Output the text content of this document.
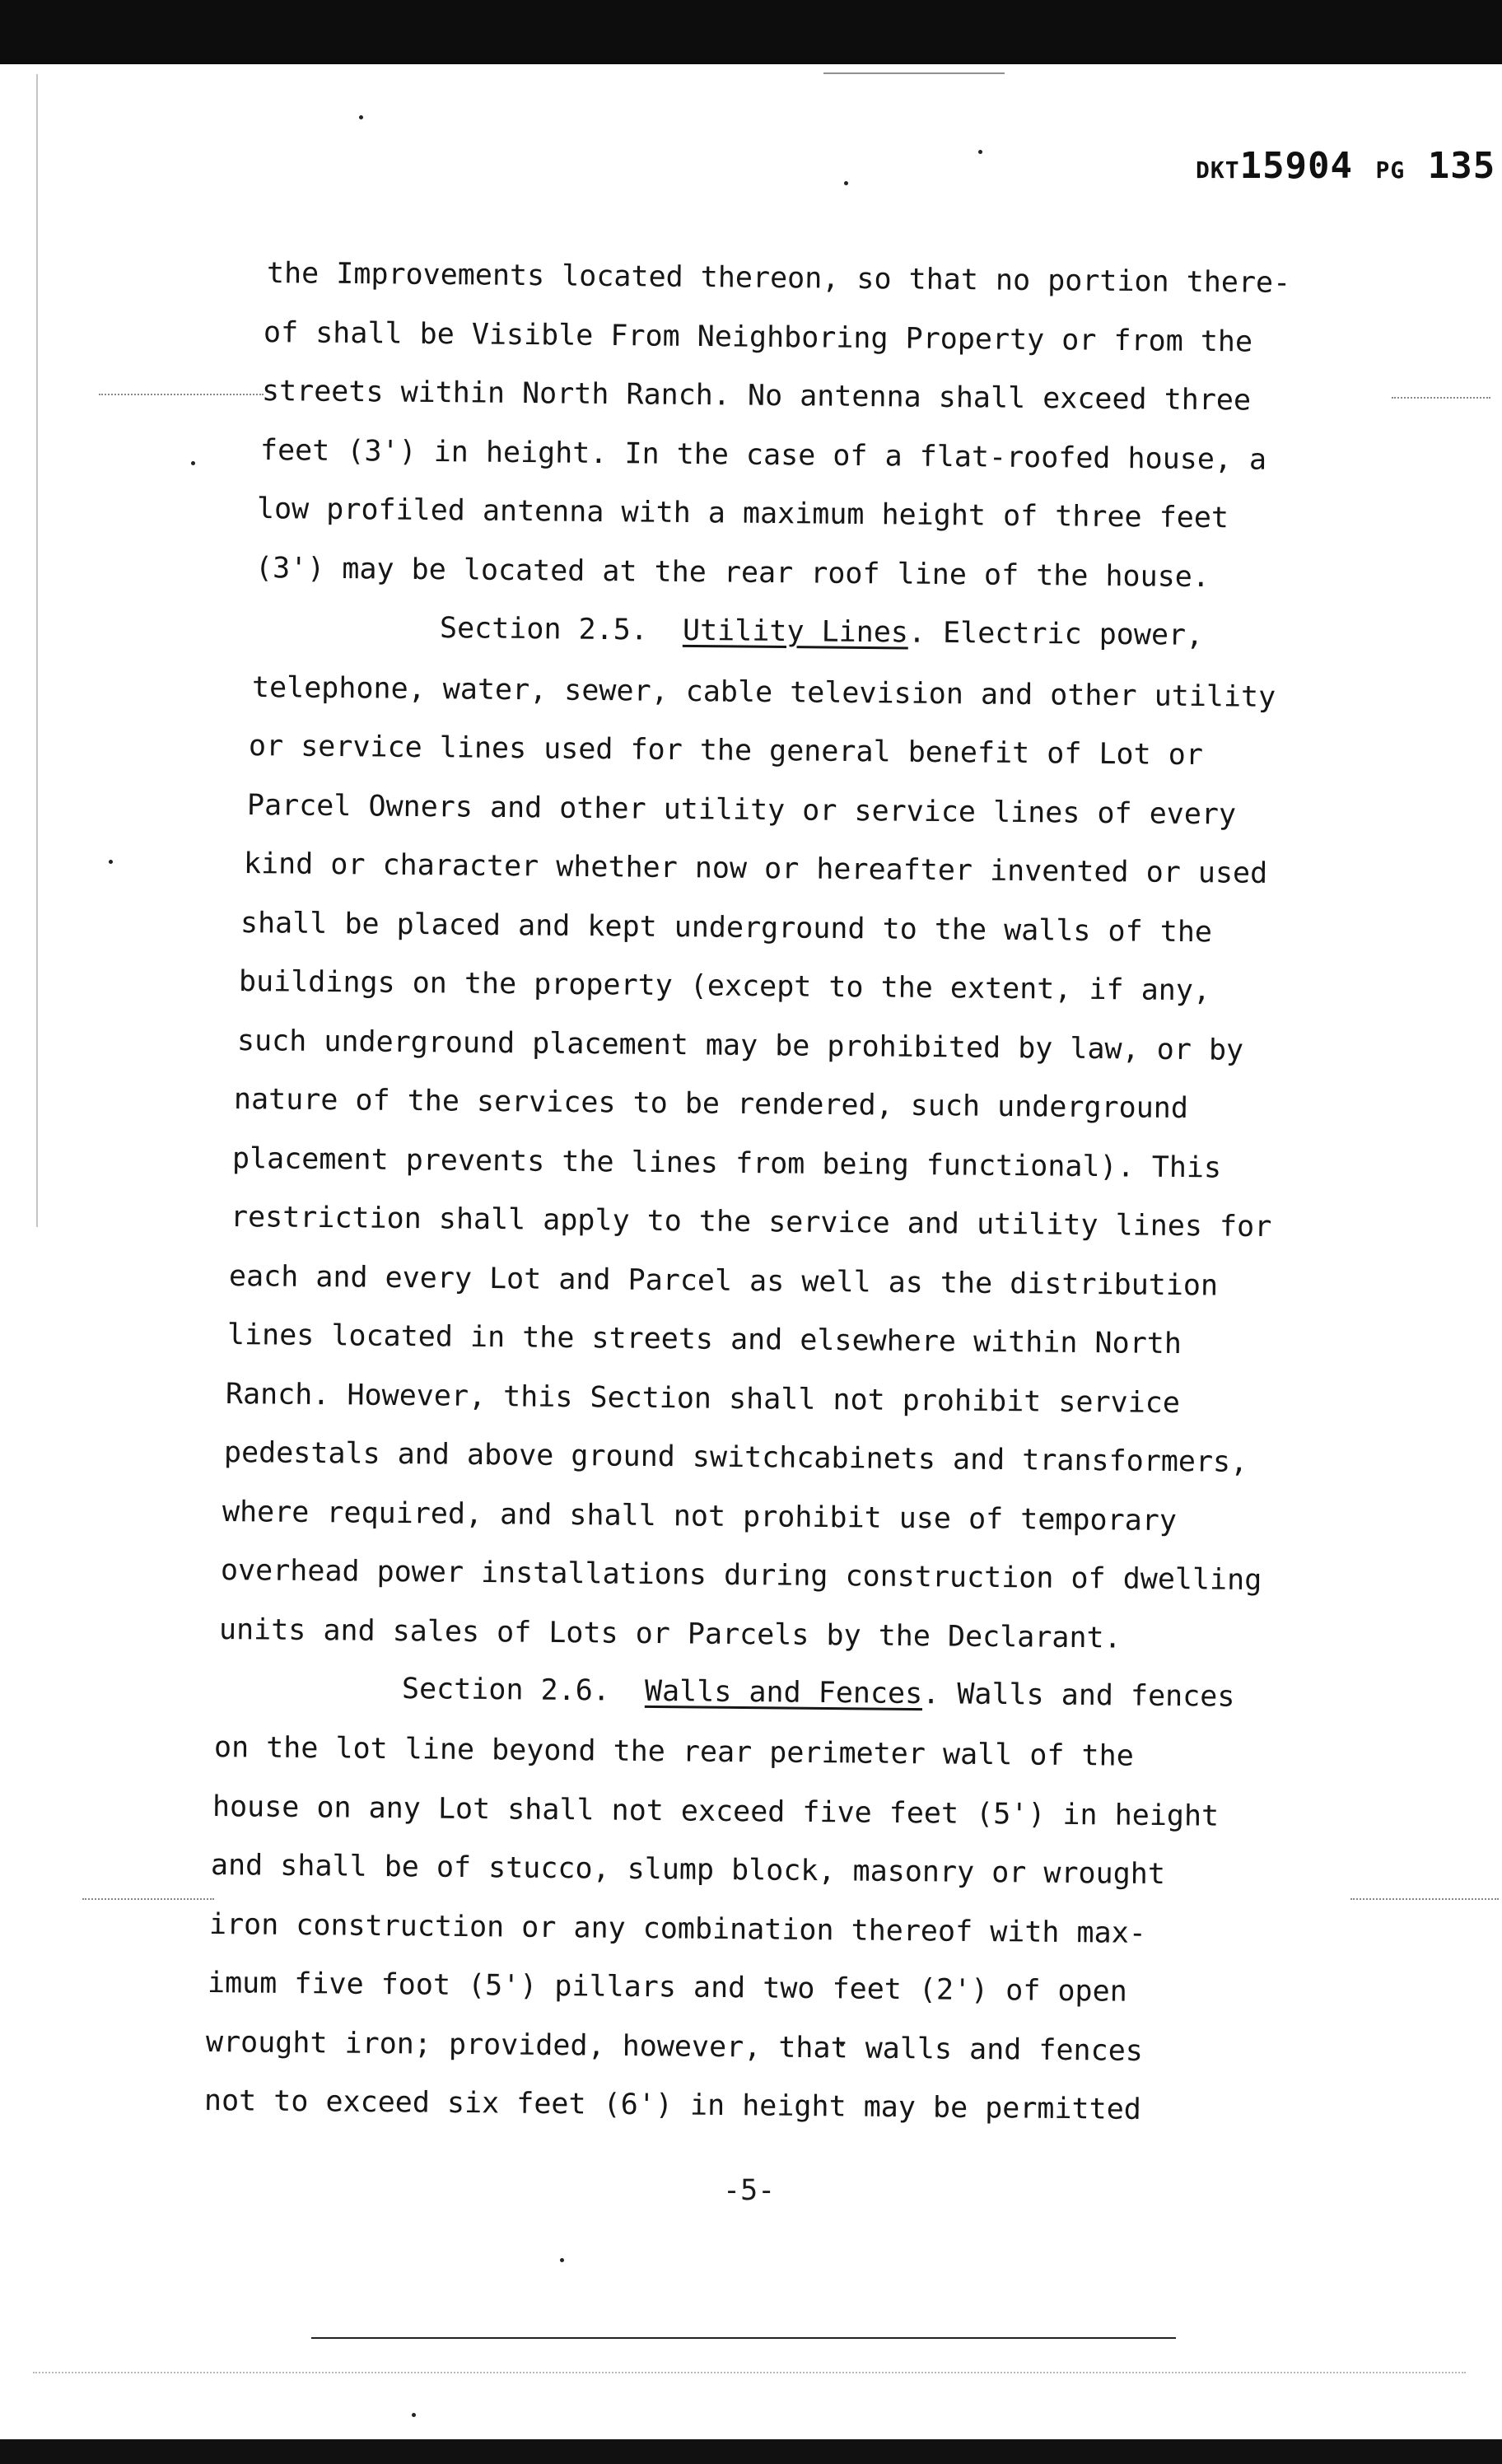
DKT15904 PG 135
the Improvements located thereon, so that no portion there-
of shall be Visible From Neighboring Property or from the
streets within North Ranch. No antenna shall exceed three
feet (3') in height. In the case of a flat-roofed house, a
low profiled antenna with a maximum height of three feet
(3') may be located at the rear roof line of the house.
Section 2.5. Utility Lines. Electric power,
telephone, water, sewer, cable television and other utility
or service lines used for the general benefit of Lot or
Parcel Owners and other utility or service lines of every
kind or character whether now or hereafter invented or used
shall be placed and kept underground to the walls of the
buildings on the property (except to the extent, if any,
such underground placement may be prohibited by law, or by
nature of the services to be rendered, such underground
placement prevents the lines from being functional). This
restriction shall apply to the service and utility lines for
each and every Lot and Parcel as well as the distribution
lines located in the streets and elsewhere within North
Ranch. However, this Section shall not prohibit service
pedestals and above ground switchcabinets and transformers,
where required, and shall not prohibit use of temporary
overhead power installations during construction of dwelling
units and sales of Lots or Parcels by the Declarant.
Section 2.6. Walls and Fences. Walls and fences
on the lot line beyond the rear perimeter wall of the
house on any Lot shall not exceed five feet (5') in height
and shall be of stucco, slump block, masonry or wrought
iron construction or any combination thereof with max-
imum five foot (5') pillars and two feet (2') of open
wrought iron; provided, however, that walls and fences
not to exceed six feet (6') in height may be permitted
-5-
